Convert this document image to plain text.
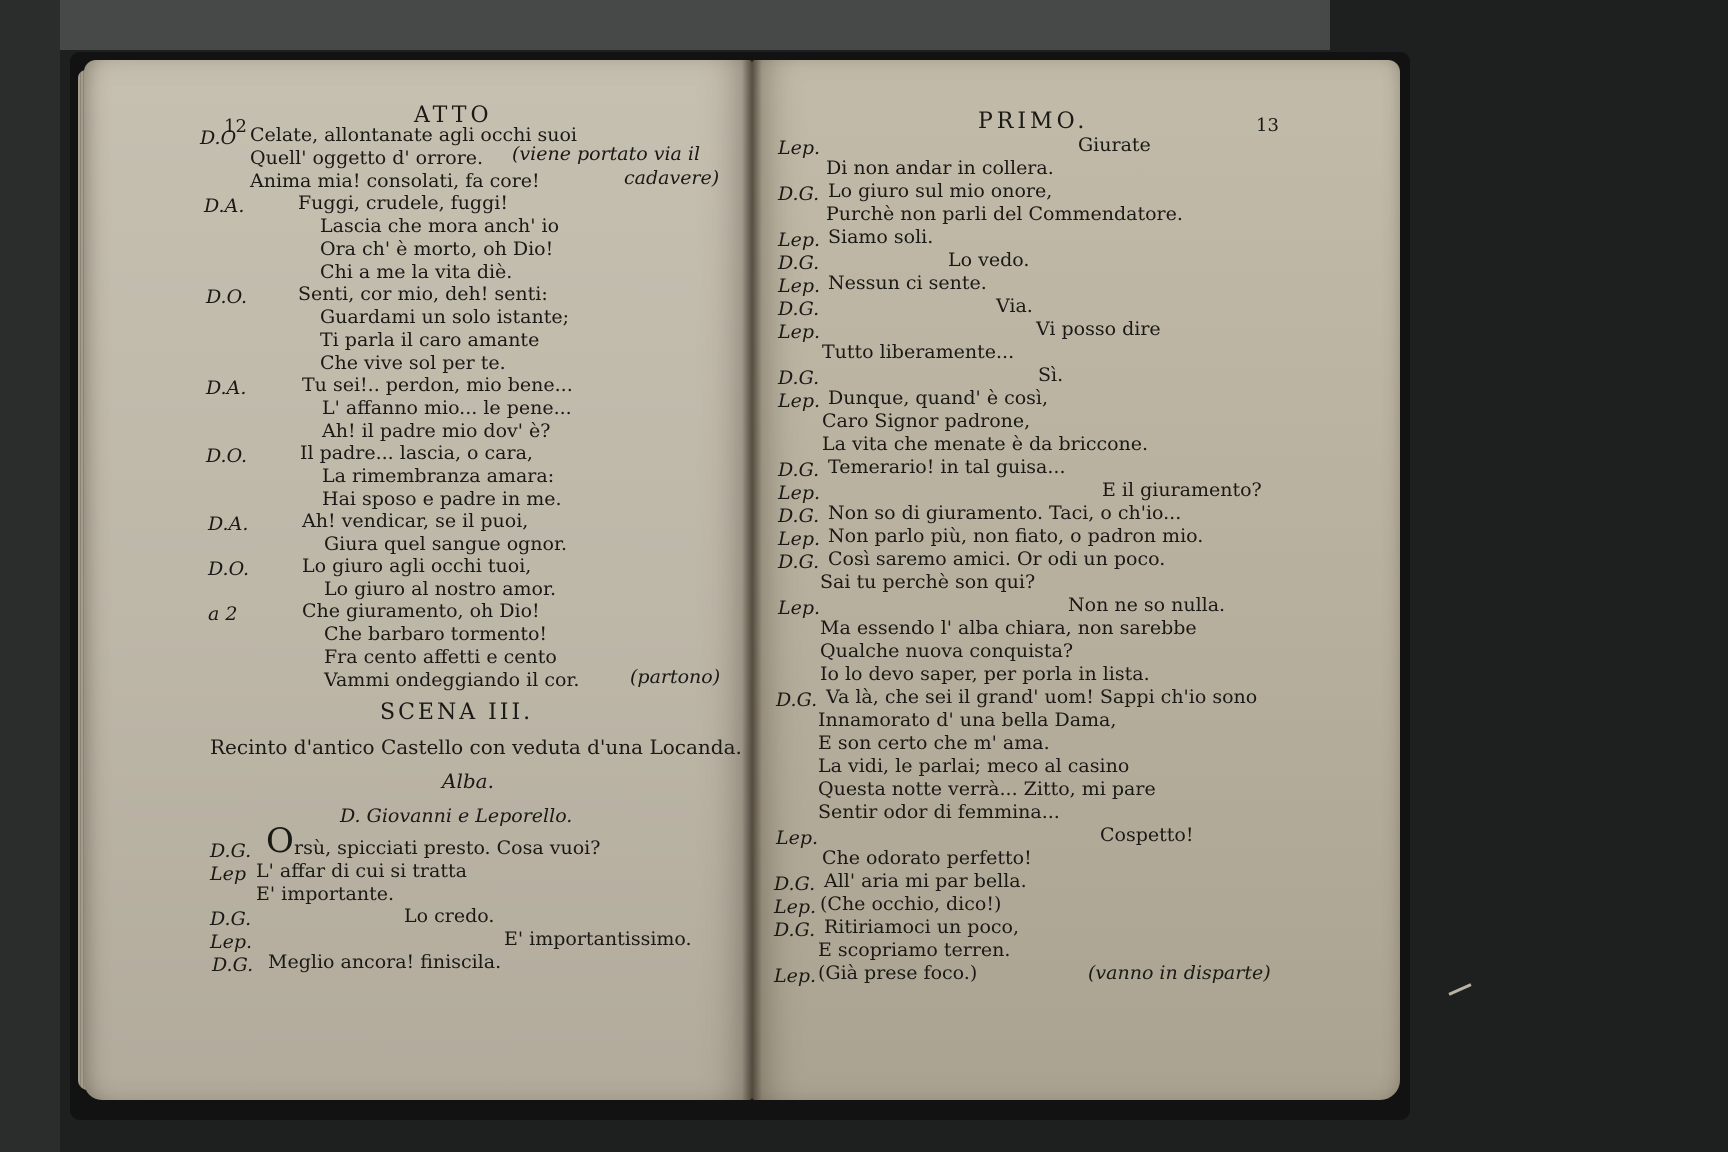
12	ATTO
D.O Celate, allontanate agli occhi suoi
Quell' oggetto d' orrore. (viene portato via il
Anima mia! consolati, fa core!	cadavere)
D.A.	Fuggi, crudele, fuggi!
Lascia che mora anch' io
Ora ch' è morto, oh Dio!
Chi a me la vita diè.
D.O.	Senti, cor mio, deh! senti:
Guardami un solo istante;
Ti parla il caro amante
Che vive sol per te.
D.A.	Tu sei!.. perdon, mio bene...
L' affanno mio... le pene...
Ah! il padre mio dov' è?
D.O.	Il padre... lascia, o cara,
La rimembranza amara:
Hai sposo e padre in me.
D.A.	Ah! vendicar, se il puoi,
Giura quel sangue ognor.
D.O.	Lo giuro agli occhi tuoi,
Lo giuro al nostro amor.
a 2	Che giuramento, oh Dio!
Che barbaro tormento!
Fra cento affetti e cento
Vammi ondeggiando il cor.	(partono)
SCENA III.
Recinto d'antico Castello con veduta d'una Locanda.
Alba.
D. Giovanni e Leporello.
D.G. O rsù, spicciati presto. Cosa vuoi?
Lep L' affar di cui si tratta
E' importante.
D.G.	Lo credo.
Lep.	E' importantissimo.
D.G. Meglio ancora! finiscila.
PRIMO.	13
Lep.	Giurate
Di non andar in collera.
D.G. Lo giuro sul mio onore,
Purchè non parli del Commendatore.
Lep. Siamo soli.
D.G.	Lo vedo.
Lep. Nessun ci sente.
D.G.	Via.
Lep.	Vi posso dire
Tutto liberamente...
D.G.	Sì.
Lep. Dunque, quand' è così,
Caro Signor padrone,
La vita che menate è da briccone.
D.G. Temerario! in tal guisa...
Lep.	E il giuramento?
D.G. Non so di giuramento. Taci, o ch'io...
Lep. Non parlo più, non fiato, o padron mio.
D.G. Così saremo amici. Or odi un poco.
Sai tu perchè son qui?
Lep.	Non ne so nulla.
Ma essendo l' alba chiara, non sarebbe
Qualche nuova conquista?
Io lo devo saper, per porla in lista.
D.G. Va là, che sei il grand' uom! Sappi ch'io sono
Innamorato d' una bella Dama,
E son certo che m' ama.
La vidi, le parlai; meco al casino
Questa notte verrà... Zitto, mi pare
Sentir odor di femmina...
Lep.	Cospetto!
Che odorato perfetto!
D.G. All' aria mi par bella.
Lep. (Che occhio, dico!)
D.G. Ritiriamoci un poco,
E scopriamo terren.
Lep. (Già prese foco.)	(vanno in disparte)
